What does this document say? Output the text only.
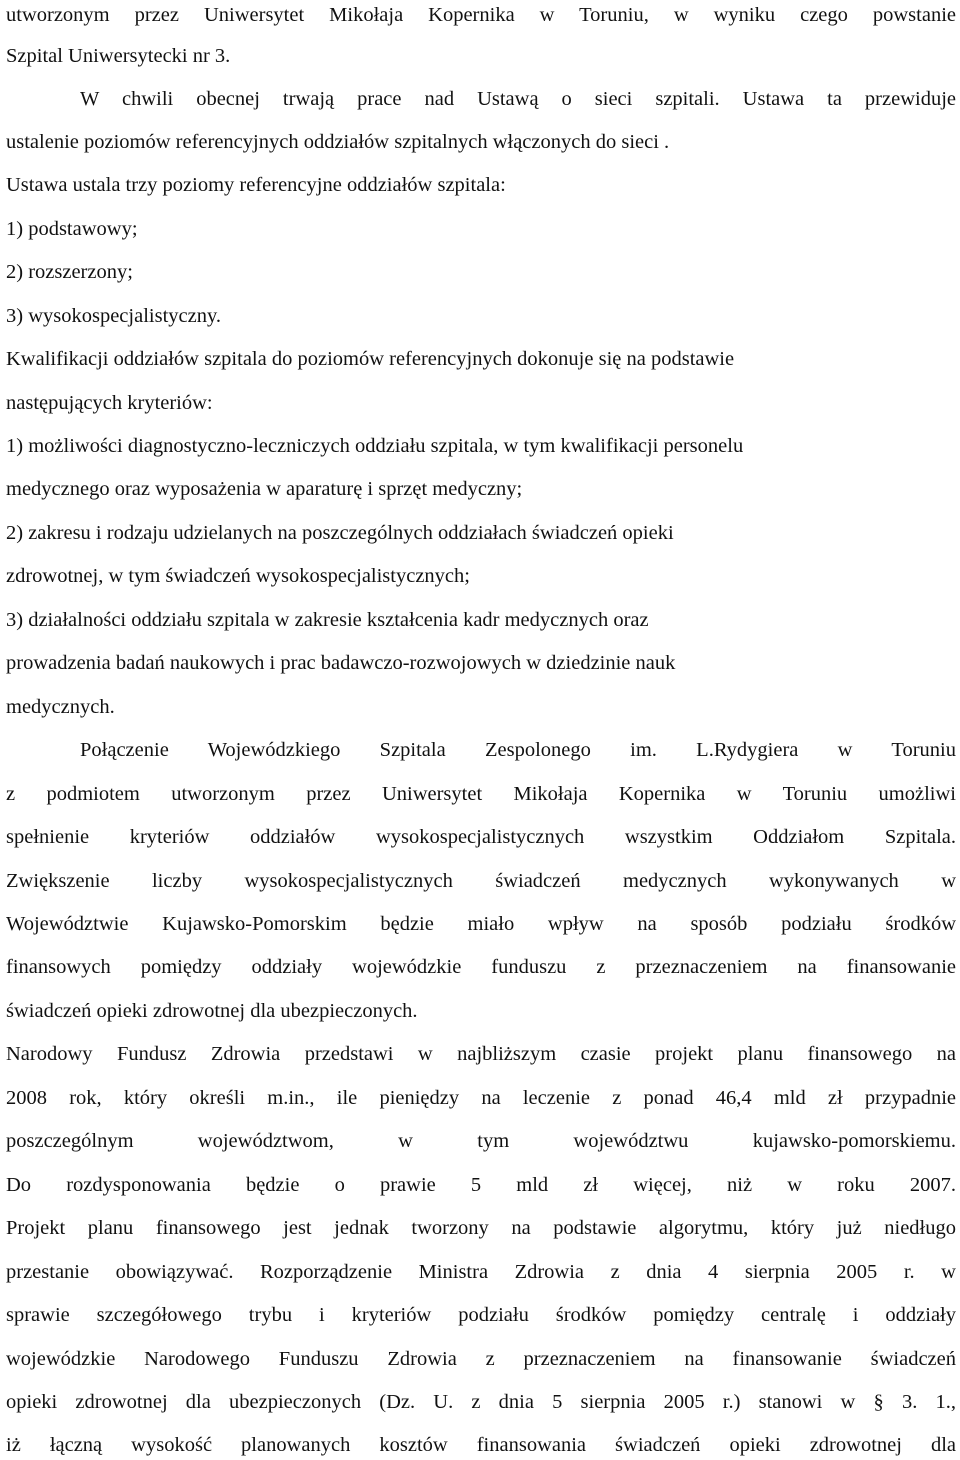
utworzonym przez Uniwersytet Mikołaja Kopernika w Toruniu, w wyniku czego powstanie

Szpital Uniwersytecki nr 3.

W chwili obecnej trwają prace nad Ustawą o sieci szpitali. Ustawa ta przewiduje

ustalenie poziomów referencyjnych oddziałów szpitalnych włączonych do sieci .

Ustawa ustala trzy poziomy referencyjne oddziałów szpitala:

1) podstawowy;

2) rozszerzony;

3) wysokospecjalistyczny.

Kwalifikacji oddziałów szpitala do poziomów referencyjnych dokonuje się na podstawie

następujących kryteriów:

1) możliwości diagnostyczno-leczniczych oddziału szpitala, w tym kwalifikacji personelu

medycznego oraz wyposażenia w aparaturę i sprzęt medyczny;

2) zakresu i rodzaju udzielanych na poszczególnych oddziałach świadczeń opieki

zdrowotnej, w tym świadczeń wysokospecjalistycznych;

3) działalności oddziału szpitala w zakresie kształcenia kadr medycznych oraz

prowadzenia badań naukowych i prac badawczo-rozwojowych w dziedzinie nauk

medycznych.

Połączenie Wojewódzkiego Szpitala Zespolonego im. L.Rydygiera w Toruniu

z podmiotem utworzonym przez Uniwersytet Mikołaja Kopernika w Toruniu umożliwi

spełnienie kryteriów oddziałów wysokospecjalistycznych wszystkim Oddziałom Szpitala.

Zwiększenie liczby wysokospecjalistycznych świadczeń medycznych wykonywanych w

Województwie Kujawsko-Pomorskim będzie miało wpływ na sposób podziału środków

finansowych pomiędzy oddziały wojewódzkie funduszu z przeznaczeniem na finansowanie

świadczeń opieki zdrowotnej dla ubezpieczonych.

Narodowy Fundusz Zdrowia przedstawi w najbliższym czasie projekt planu finansowego na

2008 rok, który określi m.in., ile pieniędzy na leczenie z ponad 46,4 mld zł przypadnie

poszczególnym województwom, w tym województwu kujawsko-pomorskiemu.

Do rozdysponowania będzie o prawie 5 mld zł więcej, niż w roku 2007.

Projekt planu finansowego jest jednak tworzony na podstawie algorytmu, który już niedługo

przestanie obowiązywać. Rozporządzenie Ministra Zdrowia z dnia 4 sierpnia 2005 r. w

sprawie szczegółowego trybu i kryteriów podziału środków pomiędzy centralę i oddziały

wojewódzkie Narodowego Funduszu Zdrowia z przeznaczeniem na finansowanie świadczeń

opieki zdrowotnej dla ubezpieczonych (Dz. U. z dnia 5 sierpnia 2005 r.) stanowi w § 3. 1.,

iż łączną wysokość planowanych kosztów finansowania świadczeń opieki zdrowotnej dla
